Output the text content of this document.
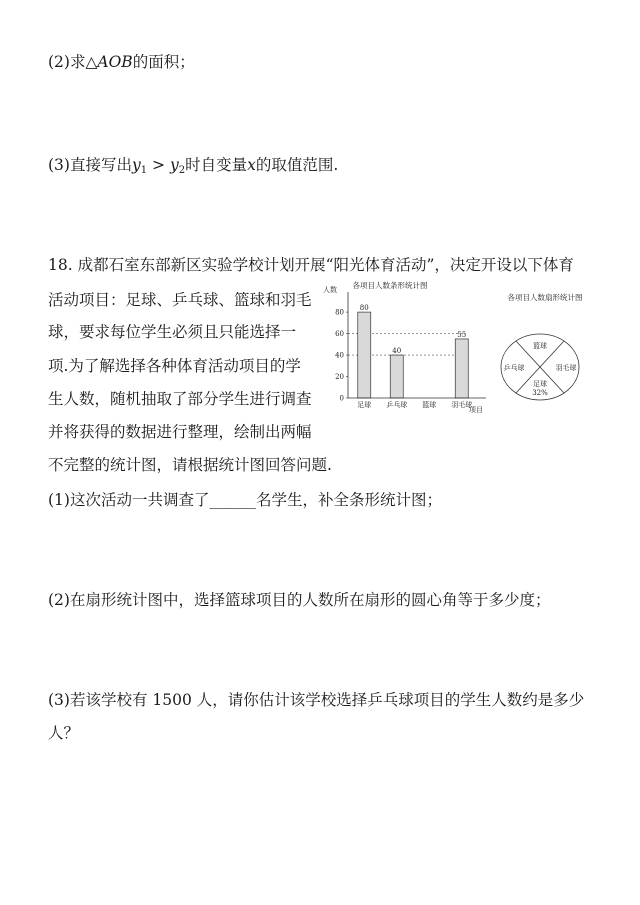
(2)求△AOB的面积；
(3)直接写出$y_1 > y_2$时自变量x的取值范围.
18. 成都石室东部新区实验学校计划开展“阳光体育活动”，决定开设以下体育
活动项目：足球、乒乓球、篮球和羽毛
球，要求每位学生必须且只能选择一
项.为了解选择各种体育活动项目的学
生人数，随机抽取了部分学生进行调查
并将获得的数据进行整理，绘制出两幅
不完整的统计图，请根据统计图回答问题.
(1)这次活动一共调查了______名学生，补全条形统计图；
(2)在扇形统计图中，选择篮球项目的人数所在扇形的圆心角等于多少度；
(3)若该学校有 1500 人，请你估计该学校选择乒乓球项目的学生人数约是多少
人？
各项目人数条形统计图
人数
项目
80
40
55
0
20
40
60
80
足球 乒乓球 篮球 羽毛球
各项目人数扇形统计图
篮球
羽毛球
足球
32%
乒乓球
